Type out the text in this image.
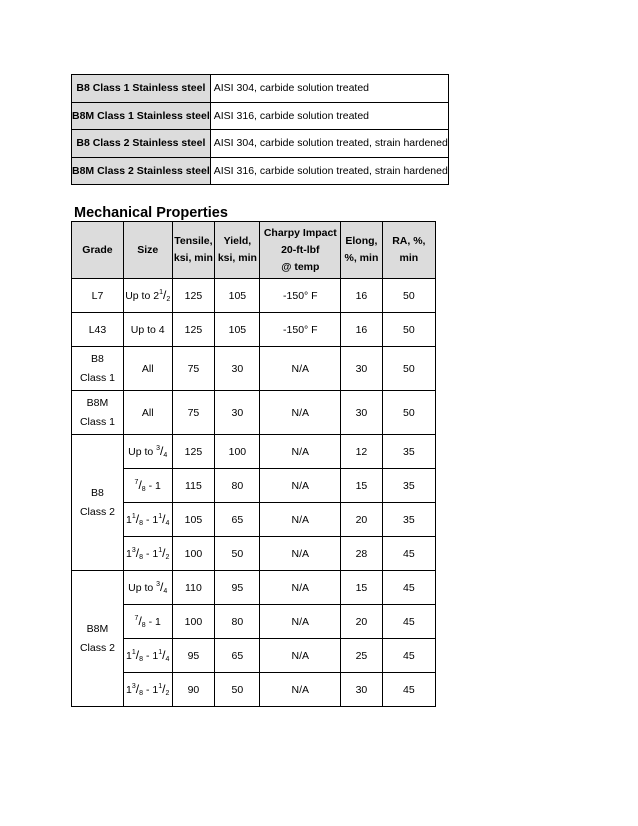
B8 Class 1 Stainless steel	AISI 304, carbide solution treated
B8M Class 1 Stainless steel	AISI 316, carbide solution treated
B8 Class 2 Stainless steel	AISI 304, carbide solution treated, strain hardened
B8M Class 2 Stainless steel	AISI 316, carbide solution treated, strain hardened
Mechanical Properties
Grade	Size	Tensile,
ksi, min	Yield,
ksi, min	Charpy Impact
20-ft-lbf
@ temp	Elong,
%, min	RA, %, min
L7	Up to $2^1/_2$	125	105	-150° F	16	50
L43	Up to 4	125	105	-150° F	16	50
B8
Class 1	All	75	30	N/A	30	50
B8M
Class 1	All	75	30	N/A	30	50
B8
Class 2	Up to $^3/_4$	125	100	N/A	12	35
	$^7/_8 - 1$	115	80	N/A	15	35
	$1^1/_8 - 1^1/_4$	105	65	N/A	20	35
	$1^3/_8 - 1^1/_2$	100	50	N/A	28	45
B8M
Class 2	Up to $^3/_4$	110	95	N/A	15	45
	$^7/_8 - 1$	100	80	N/A	20	45
	$1^1/_8 - 1^1/_4$	95	65	N/A	25	45
	$1^3/_8 - 1^1/_2$	90	50	N/A	30	45
